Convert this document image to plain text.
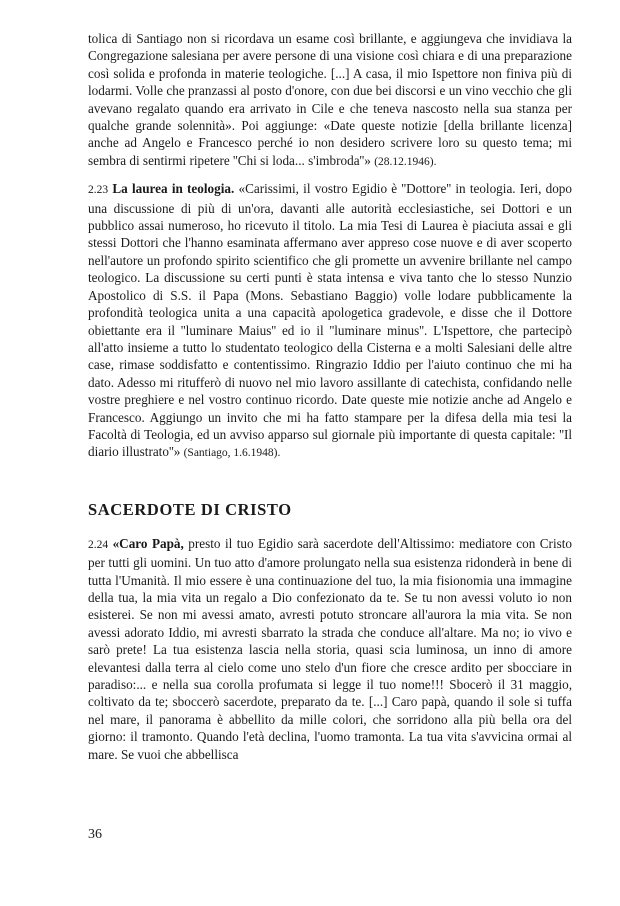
tolica di Santiago non si ricordava un esame così brillante, e aggiungeva che invidiava la Congregazione salesiana per avere persone di una visione così chiara e di una preparazione così solida e profonda in materie teologiche. [...] A casa, il mio Ispettore non finiva più di lodarmi. Volle che pranzassi al posto d'onore, con due bei discorsi e un vino vecchio che gli avevano regalato quando era arrivato in Cile e che teneva nascosto nella sua stanza per qualche grande solennità». Poi aggiunge: «Date queste notizie [della brillante licenza] anche ad Angelo e Francesco perché io non desidero scrivere loro su questo tema; mi sembra di sentirmi ripetere ''Chi si loda... s'imbroda''» (28.12.1946).

2.23 La laurea in teologia. «Carissimi, il vostro Egidio è ''Dottore'' in teologia. Ieri, dopo una discussione di più di un'ora, davanti alle autorità ecclesiastiche, sei Dottori e un pubblico assai numeroso, ho ricevuto il titolo. La mia Tesi di Laurea è piaciuta assai e gli stessi Dottori che l'hanno esaminata affermano aver appreso cose nuove e di aver scoperto nell'autore un profondo spirito scientifico che gli promette un avvenire brillante nel campo teologico. La discussione su certi punti è stata intensa e viva tanto che lo stesso Nunzio Apostolico di S.S. il Papa (Mons. Sebastiano Baggio) volle lodare pubblicamente la profondità teologica unita a una capacità apologetica gradevole, e disse che il Dottore obiettante era il ''luminare Maius'' ed io il ''luminare minus''. L'Ispettore, che partecipò all'atto insieme a tutto lo studentato teologico della Cisterna e a molti Salesiani delle altre case, rimase soddisfatto e contentissimo. Ringrazio Iddio per l'aiuto continuo che mi ha dato. Adesso mi ritufferò di nuovo nel mio lavoro assillante di catechista, confidando nelle vostre preghiere e nel vostro continuo ricordo. Date queste mie notizie anche ad Angelo e Francesco. Aggiungo un invito che mi ha fatto stampare per la difesa della mia tesi la Facoltà di Teologia, ed un avviso apparso sul giornale più importante di questa capitale: ''Il diario illustrato''» (Santiago, 1.6.1948).

SACERDOTE DI CRISTO

2.24 «Caro Papà, presto il tuo Egidio sarà sacerdote dell'Altissimo: mediatore con Cristo per tutti gli uomini. Un tuo atto d'amore prolungato nella sua esistenza ridonderà in bene di tutta l'Umanità. Il mio essere è una continuazione del tuo, la mia fisionomia una immagine della tua, la mia vita un regalo a Dio confezionato da te. Se tu non avessi voluto io non esisterei. Se non mi avessi amato, avresti potuto stroncare all'aurora la mia vita. Se non avessi adorato Iddio, mi avresti sbarrato la strada che conduce all'altare. Ma no; io vivo e sarò prete! La tua esistenza lascia nella storia, quasi scia luminosa, un inno di amore elevantesi dalla terra al cielo come uno stelo d'un fiore che cresce ardito per sbocciare in paradiso:... e nella sua corolla profumata si legge il tuo nome!!! Sbocerò il 31 maggio, coltivato da te; sboccerò sacerdote, preparato da te. [...] Caro papà, quando il sole si tuffa nel mare, il panorama è abbellito da mille colori, che sorridono alla più bella ora del giorno: il tramonto. Quando l'età declina, l'uomo tramonta. La tua vita s'avvicina ormai al mare. Se vuoi che abbellisca

36
